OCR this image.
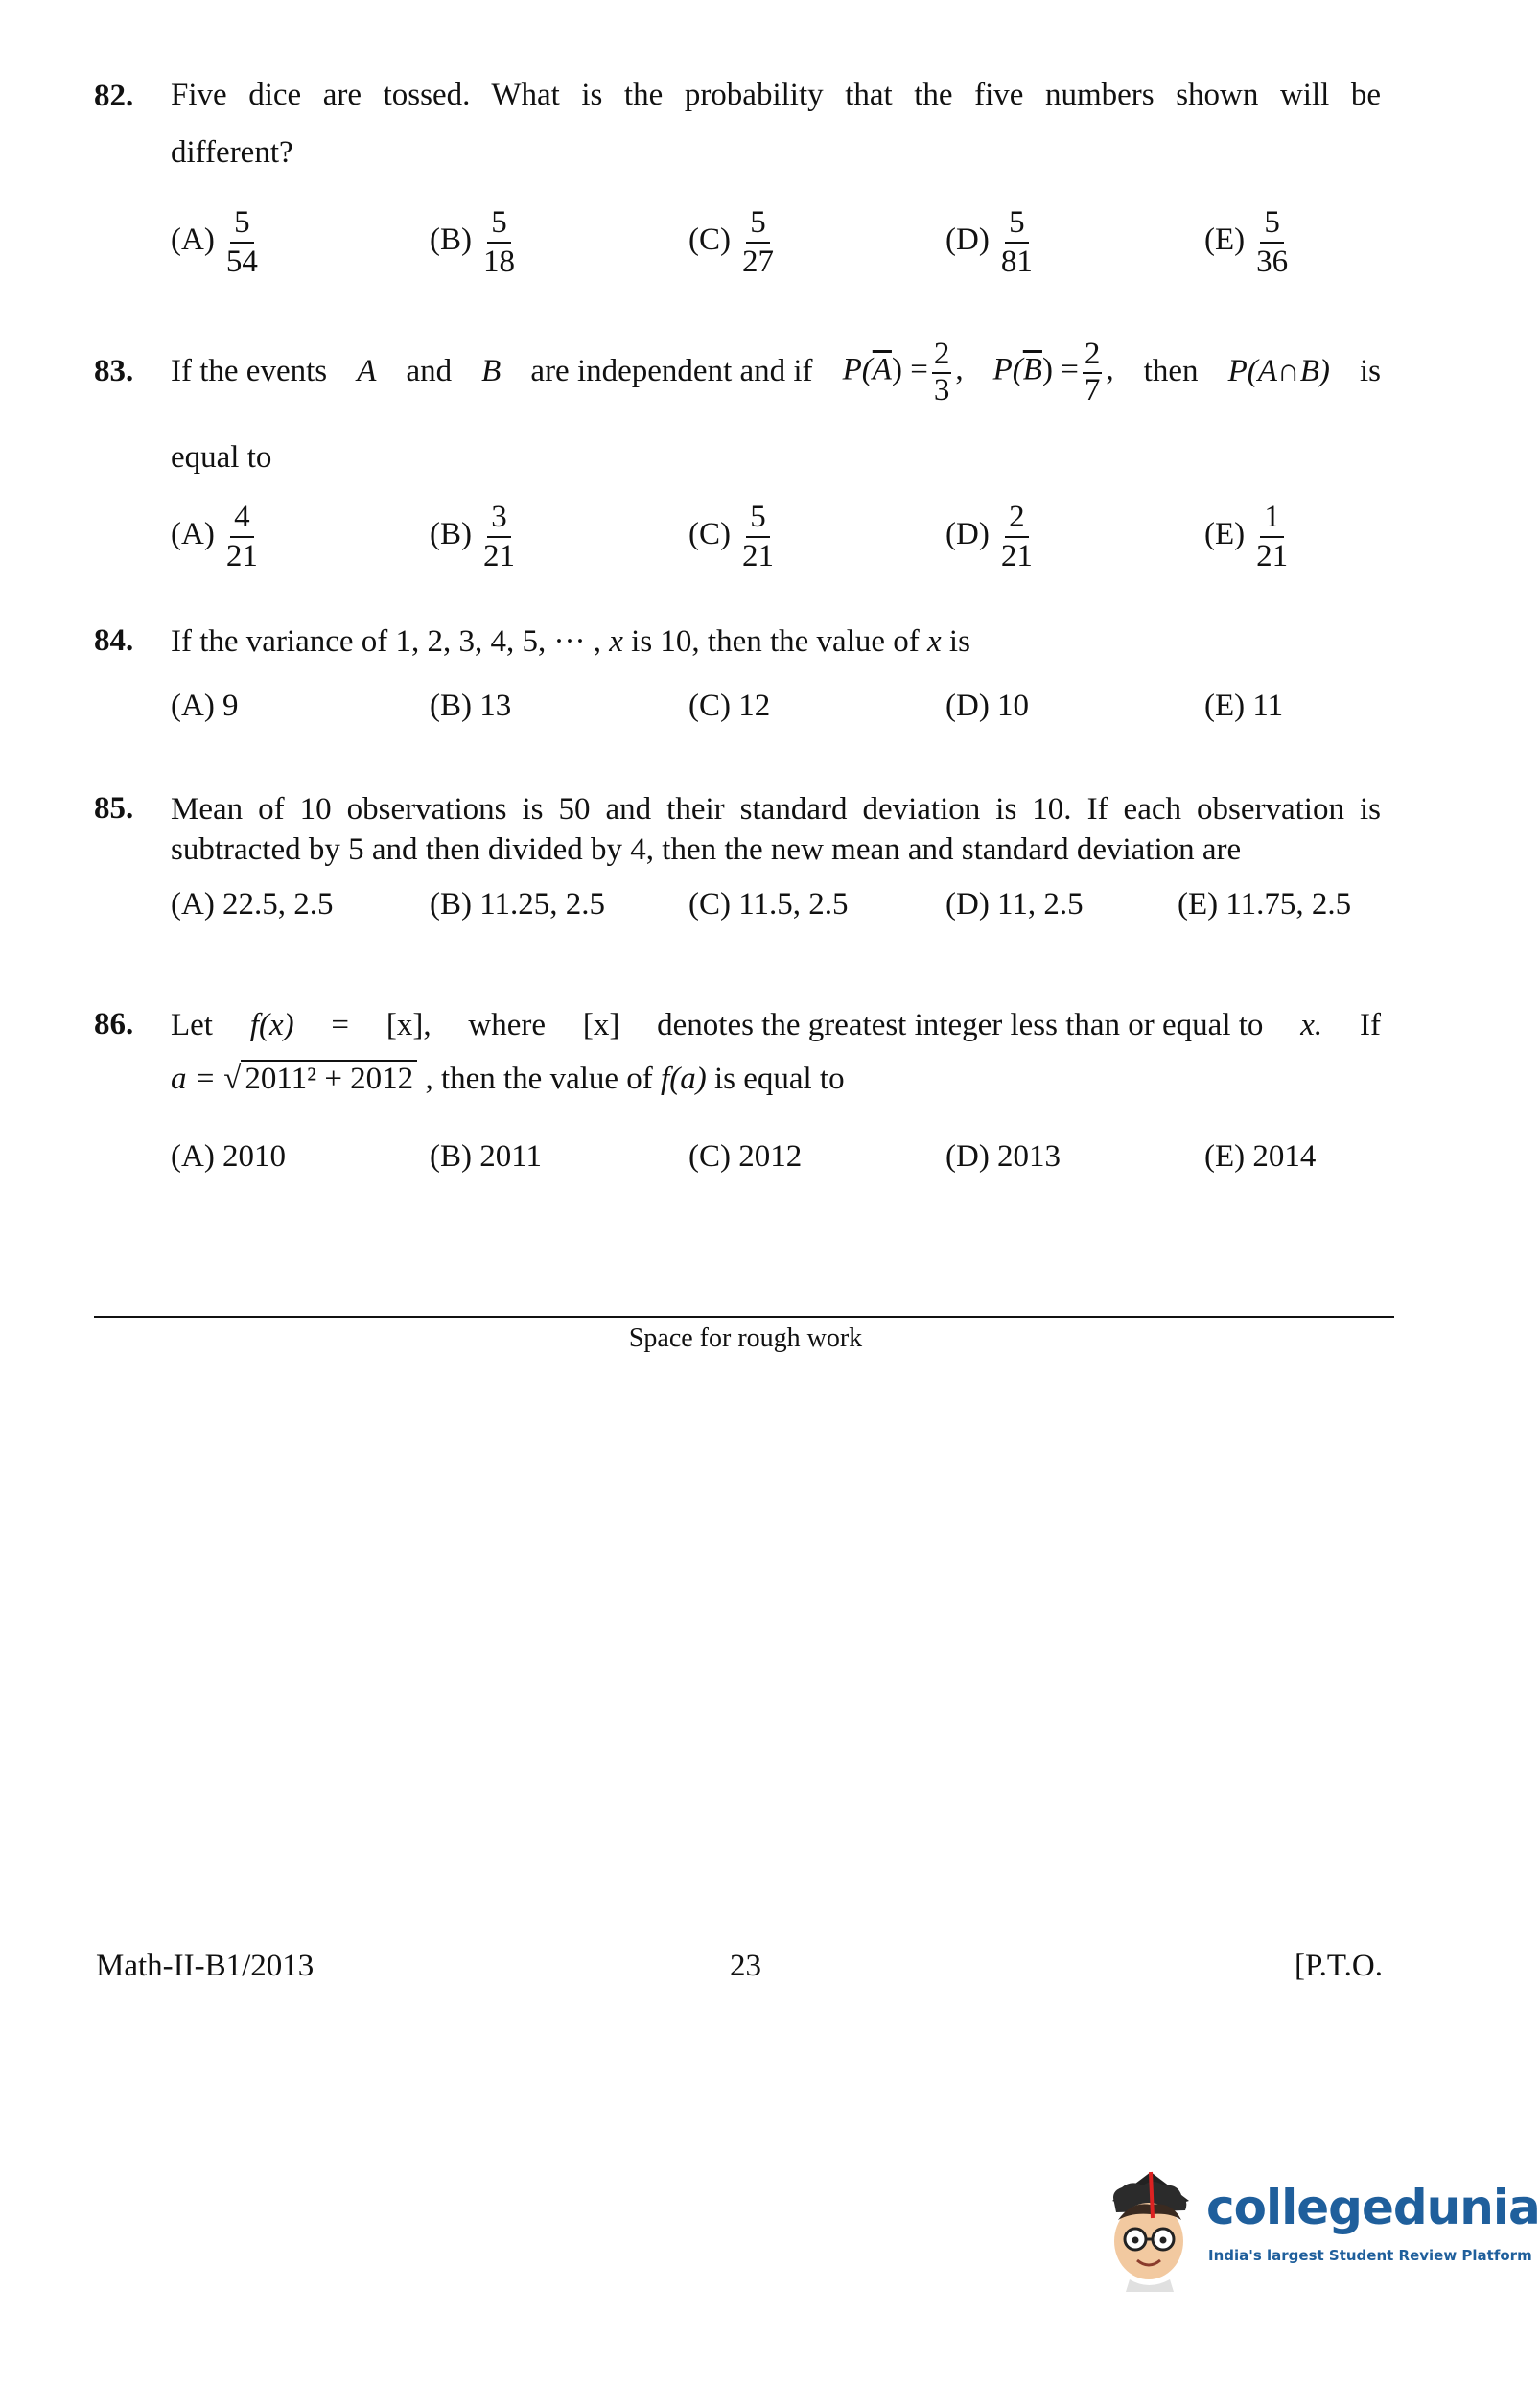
82. Five dice are tossed. What is the probability that the five numbers shown will be
different?
$(A) \frac{5}{54}$	$(B) \frac{5}{18}$	$(C) \frac{5}{27}$	$(D) \frac{5}{81}$	$(E) \frac{5}{36}$
83. If the events A and B are independent and if $P(\overline{A}) = \frac{2}{3}$ , $P(\overline{B}) = \frac{2}{7}$ , then P(A∩B) is
equal to
$(A) \frac{4}{21}$	$(B) \frac{3}{21}$	$(C) \frac{5}{21}$	$(D) \frac{2}{21}$	$(E) \frac{1}{21}$
84. If the variance of 1, 2, 3, 4, 5, ··· , x is 10, then the value of x is
(A) 9	(B) 13	(C) 12	(D) 10	(E) 11
85. Mean of 10 observations is 50 and their standard deviation is 10. If each observation is
subtracted by 5 and then divided by 4, then the new mean and standard deviation are
(A) 22.5, 2.5	(B) 11.25, 2.5	(C) 11.5, 2.5	(D) 11, 2.5	(E) 11.75, 2.5
86. Let f(x) = [x], where [x] denotes the greatest integer less than or equal to x. If
a = √ 2011² + 2012 , then the value of f(a) is equal to
(A) 2010	(B) 2011	(C) 2012	(D) 2013	(E) 2014
Space for rough work
Math-II-B1/2013	23	[P.T.O.
collegedunia
India's largest Student Review Platform
